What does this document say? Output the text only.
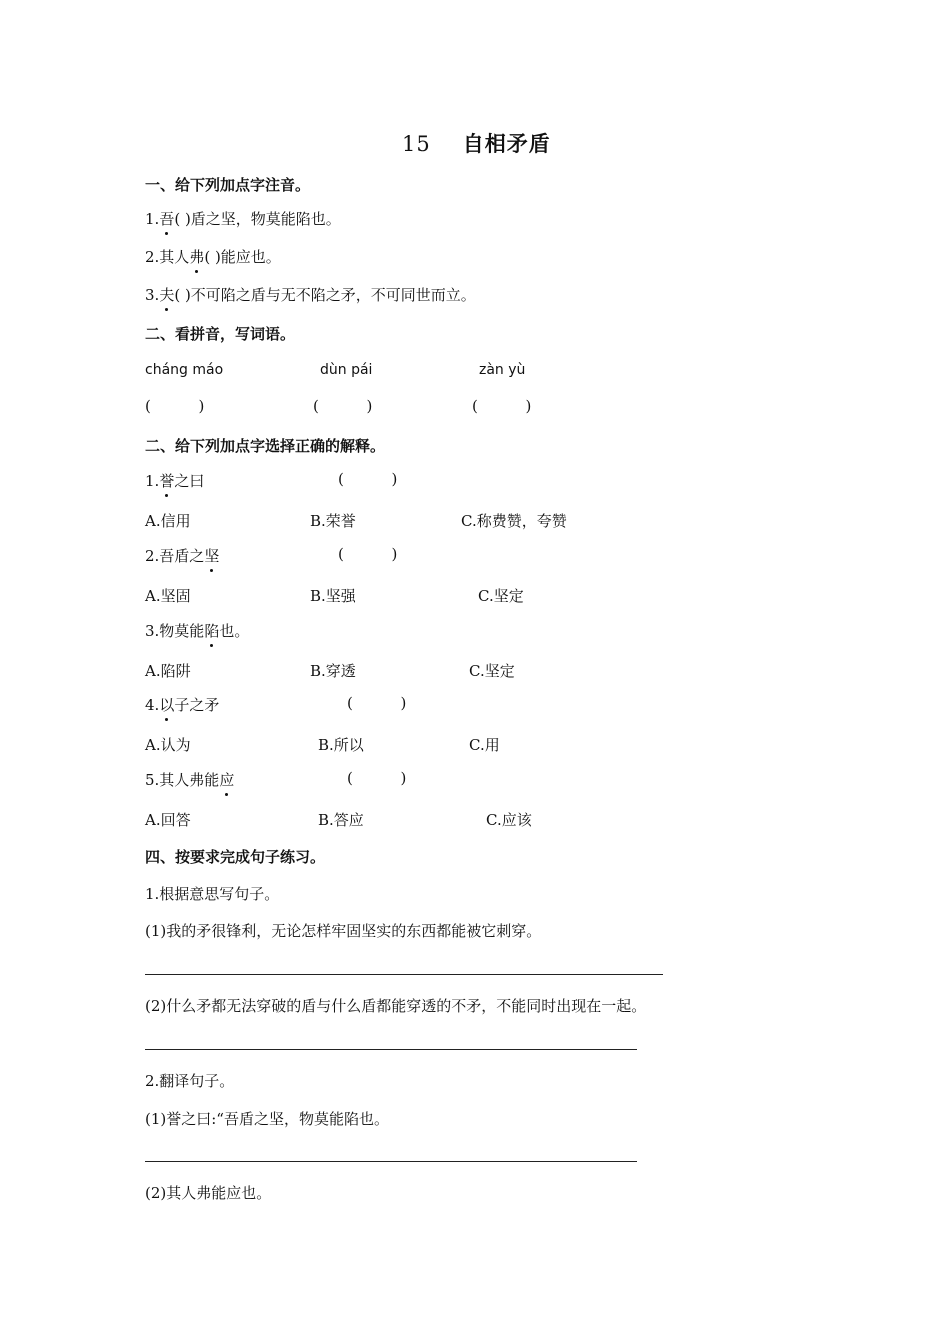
15 自相矛盾
一、给下列加点字注音。
1.吾( )盾之坚，物莫能陷也。
2.其人弗( )能应也。
3.夫( )不可陷之盾与无不陷之矛，不可同世而立。
二、看拼音，写词语。
cháng máo	dùn pái	zàn yù
(          )	(          )	(          )
二、给下列加点字选择正确的解释。
1.誉之曰	(          )
A.信用	B.荣誉	C.称费赞，夸赞
2.吾盾之坚	(          )
A.坚固	B.坚强	C.坚定
3.物莫能陷也。
A.陷阱	B.穿透	C.坚定
4.以子之矛	(          )
A.认为	B.所以	C.用
5.其人弗能应	(          )
A.回答	B.答应	C.应该
四、按要求完成句子练习。
1.根据意思写句子。
(1)我的矛很锋利，无论怎样牢固坚实的东西都能被它刺穿。
(2)什么矛都无法穿破的盾与什么盾都能穿透的不矛，不能同时出现在一起。
2.翻译句子。
(1)誉之曰:“吾盾之坚，物莫能陷也。
(2)其人弗能应也。
